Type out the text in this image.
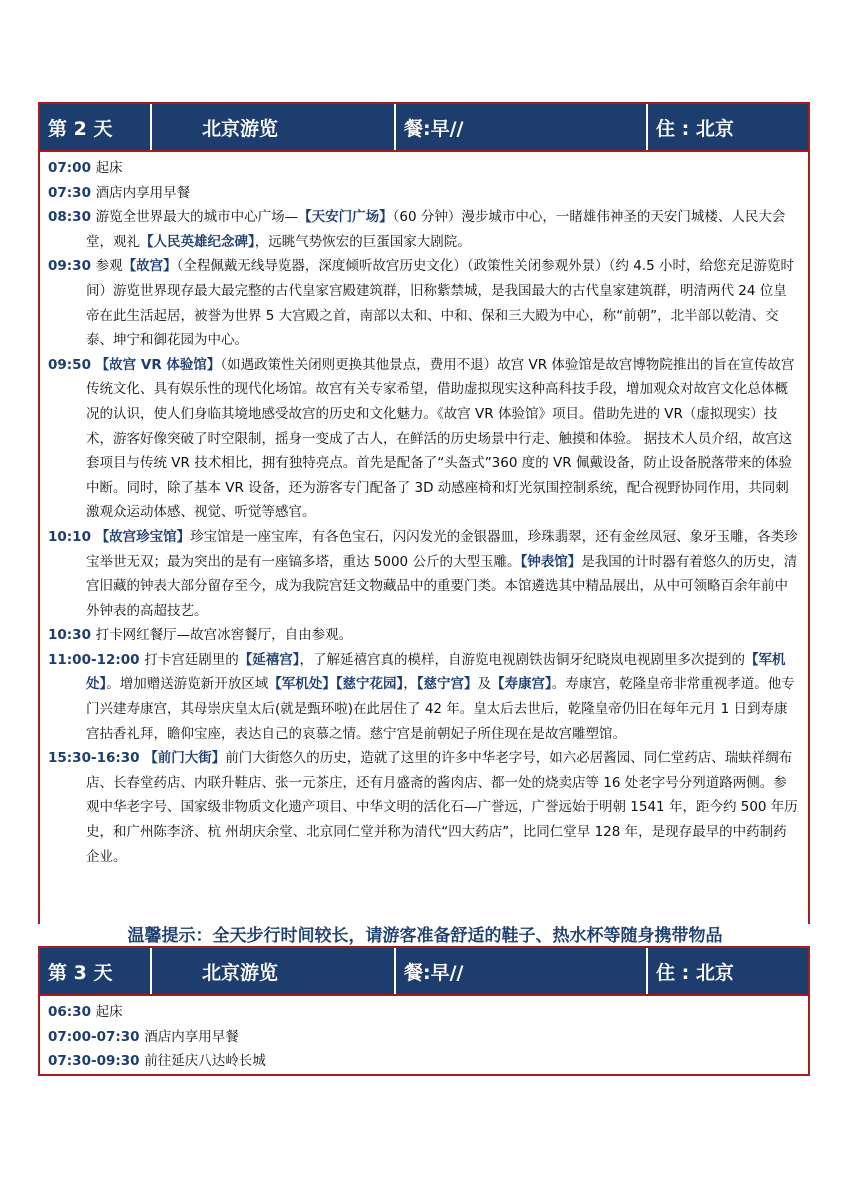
第 2 天	北京游览	餐:早//	住 : 北京
07:00 起床
07:30 酒店内享用早餐
08:30 游览全世界最大的城市中心广场—【天安门广场】（60 分钟）漫步城市中心，一睹雄伟神圣的天安门城楼、人民大会堂，观礼【人民英雄纪念碑】，远眺气势恢宏的巨蛋国家大剧院。
09:30 参观【故宫】（全程佩戴无线导览器，深度倾听故宫历史文化）（政策性关闭参观外景）（约 4.5 小时，给您充足游览时间）游览世界现存最大最完整的古代皇家宫殿建筑群，旧称紫禁城，是我国最大的古代皇家建筑群，明清两代 24 位皇帝在此生活起居，被誉为世界 5 大宫殿之首，南部以太和、中和、保和三大殿为中心，称“前朝”，北半部以乾清、交泰、坤宁和御花园为中心。
09:50 【故宫 VR 体验馆】（如遇政策性关闭则更换其他景点，费用不退）故宫 VR 体验馆是故宫博物院推出的旨在宣传故宫传统文化、具有娱乐性的现代化场馆。故宫有关专家希望，借助虚拟现实这种高科技手段，增加观众对故宫文化总体概况的认识，使人们身临其境地感受故宫的历史和文化魅力。《故宫 VR 体验馆》项目。借助先进的 VR（虚拟现实）技术，游客好像突破了时空限制，摇身一变成了古人，在鲜活的历史场景中行走、触摸和体验。 据技术人员介绍，故宫这套项目与传统 VR 技术相比，拥有独特亮点。首先是配备了“头盔式”360 度的 VR 佩戴设备，防止设备脱落带来的体验中断。同时，除了基本 VR 设备，还为游客专门配备了 3D 动感座椅和灯光氛围控制系统，配合视野协同作用，共同刺激观众运动体感、视觉、听觉等感官。
10:10 【故宫珍宝馆】珍宝馆是一座宝库，有各色宝石，闪闪发光的金银器皿，珍珠翡翠，还有金丝凤冠、象牙玉雕，各类珍宝举世无双；最为突出的是有一座镐多塔，重达 5000 公斤的大型玉雕。【钟表馆】是我国的计时器有着悠久的历史，清宫旧藏的钟表大部分留存至今，成为我院宫廷文物藏品中的重要门类。本馆遴选其中精品展出，从中可领略百余年前中外钟表的高超技艺。
10:30 打卡网红餐厅—故宫冰窖餐厅，自由参观。
11:00-12:00 打卡宫廷剧里的【延禧宫】，了解延禧宫真的模样，自游览电视剧铁齿铜牙纪晓岚电视剧里多次提到的【军机处】。增加赠送游览新开放区域【军机处】【慈宁花园】，【慈宁宫】及【寿康宫】。寿康宫，乾隆皇帝非常重视孝道。他专门兴建寿康宫，其母崇庆皇太后(就是甄环啦)在此居住了 42 年。皇太后去世后，乾隆皇帝仍旧在每年元月 1 日到寿康宫拈香礼拜，瞻仰宝座，表达自己的哀慕之情。慈宁宫是前朝妃子所住现在是故宫雕塑馆。
15:30-16:30 【前门大街】前门大街悠久的历史，造就了这里的许多中华老字号，如六必居酱园、同仁堂药店、瑞蚨祥绸布店、长春堂药店、内联升鞋店、张一元茶庄，还有月盛斋的酱肉店、都一处的烧卖店等 16 处老字号分列道路两侧。参观中华老字号、国家级非物质文化遗产项目、中华文明的活化石—广誉远，广誉远始于明朝 1541 年，距今约 500 年历史，和广州陈李济、杭 州胡庆余堂、北京同仁堂并称为清代“四大药店”，比同仁堂早 128 年，是现存最早的中药制药企业。
温馨提示：全天步行时间较长，请游客准备舒适的鞋子、热水杯等随身携带物品
第 3 天	北京游览	餐:早//	住 : 北京
06:30 起床
07:00-07:30 酒店内享用早餐
07:30-09:30 前往延庆八达岭长城
